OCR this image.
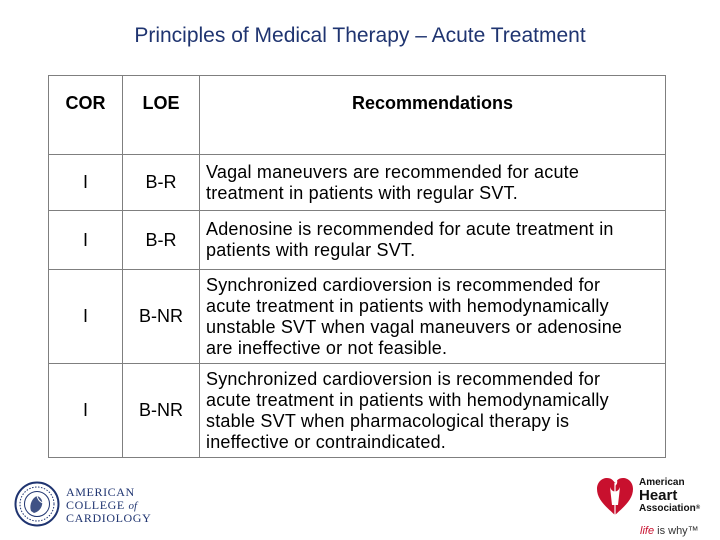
Principles of Medical Therapy – Acute Treatment
COR	LOE	Recommendations
I	B-R	Vagal maneuvers are recommended for acute
treatment in patients with regular SVT.

I	B-R	Adenosine is recommended for acute treatment in
patients with regular SVT.

I	B-NR	Synchronized cardioversion is recommended for
acute treatment in patients with hemodynamically
unstable SVT when vagal maneuvers or adenosine
are ineffective or not feasible.

I	B-NR	Synchronized cardioversion is recommended for
acute treatment in patients with hemodynamically
stable SVT when pharmacological therapy is
ineffective or contraindicated.
AMERICAN
COLLEGE of
CARDIOLOGY
American
Heart
Association®
life is why™
